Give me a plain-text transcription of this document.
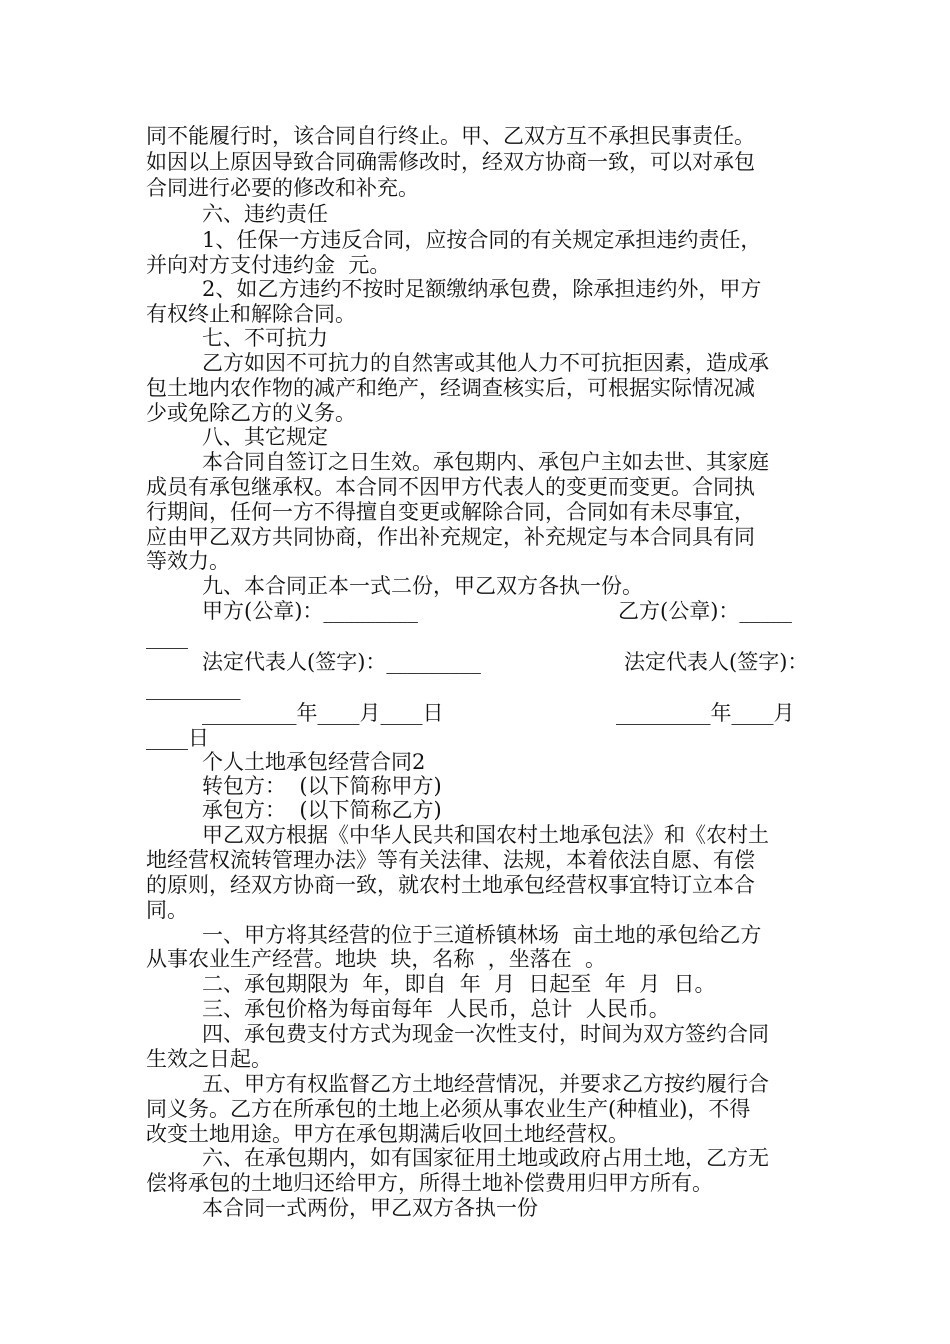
同不能履行时，该合同自行终止。甲、乙双方互不承担民事责任。
如因以上原因导致合同确需修改时，经双方协商一致，可以对承包
合同进行必要的修改和补充。
六、违约责任
1、任保一方违反合同，应按合同的有关规定承担违约责任，
并向对方支付违约金  元。
2、如乙方违约不按时足额缴纳承包费，除承担违约外，甲方
有权终止和解除合同。
七、不可抗力
乙方如因不可抗力的自然害或其他人力不可抗拒因素，造成承
包土地内农作物的减产和绝产，经调查核实后，可根据实际情况减
少或免除乙方的义务。
八、其它规定
本合同自签订之日生效。承包期内、承包户主如去世、其家庭
成员有承包继承权。本合同不因甲方代表人的变更而变更。合同执
行期间，任何一方不得擅自变更或解除合同，合同如有未尽事宜，
应由甲乙双方共同协商，作出补充规定，补充规定与本合同具有同
等效力。
九、本合同正本一式二份，甲乙双方各执一份。
甲方(公章)：_________	乙方(公章)：_____
____
法定代表人(签字)：_________	法定代表人(签字)：
_________
_________年____月____日	_________年____月
____日
个人土地承包经营合同2
转包方：  (以下简称甲方)
承包方：  (以下简称乙方)
甲乙双方根据《中华人民共和国农村土地承包法》和《农村土
地经营权流转管理办法》等有关法律、法规，本着依法自愿、有偿
的原则，经双方协商一致，就农村土地承包经营权事宜特订立本合
同。
一、甲方将其经营的位于三道桥镇林场  亩土地的承包给乙方
从事农业生产经营。地块  块，名称  ，坐落在  。
二、承包期限为  年，即自  年  月  日起至  年  月  日。
三、承包价格为每亩每年  人民币，总计  人民币。
四、承包费支付方式为现金一次性支付，时间为双方签约合同
生效之日起。
五、甲方有权监督乙方土地经营情况，并要求乙方按约履行合
同义务。乙方在所承包的土地上必须从事农业生产(种植业)，不得
改变土地用途。甲方在承包期满后收回土地经营权。
六、在承包期内，如有国家征用土地或政府占用土地，乙方无
偿将承包的土地归还给甲方，所得土地补偿费用归甲方所有。
本合同一式两份，甲乙双方各执一份
